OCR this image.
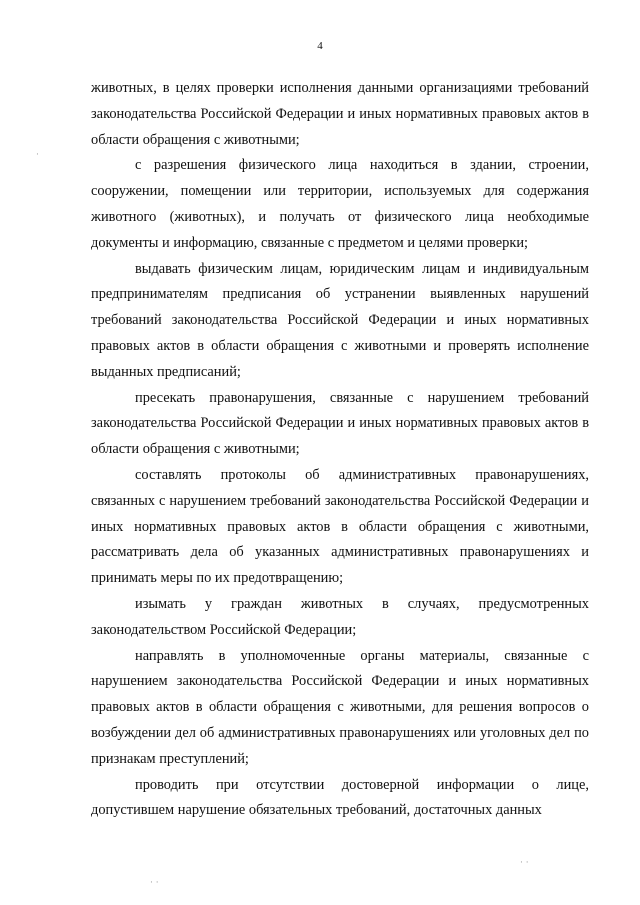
4

животных, в целях проверки исполнения данными организациями требований законодательства Российской Федерации и иных нормативных правовых актов в области обращения с животными;

с разрешения физического лица находиться в здании, строении, сооружении, помещении или территории, используемых для содержания животного (животных), и получать от физического лица необходимые документы и информацию, связанные с предметом и целями проверки;

выдавать физическим лицам, юридическим лицам и индивидуальным предпринимателям предписания об устранении выявленных нарушений требований законодательства Российской Федерации и иных нормативных правовых актов в области обращения с животными и проверять исполнение выданных предписаний;

пресекать правонарушения, связанные с нарушением требований законодательства Российской Федерации и иных нормативных правовых актов в области обращения с животными;

составлять протоколы об административных правонарушениях, связанных с нарушением требований законодательства Российской Федерации и иных нормативных правовых актов в области обращения с животными, рассматривать дела об указанных административных правонарушениях и принимать меры по их предотвращению;

изымать у граждан животных в случаях, предусмотренных законодательством Российской Федерации;

направлять в уполномоченные органы материалы, связанные с нарушением законодательства Российской Федерации и иных нормативных правовых актов в области обращения с животными, для решения вопросов о возбуждении дел об административных правонарушениях или уголовных дел по признакам преступлений;

проводить при отсутствии достоверной информации о лице, допустившем нарушение обязательных требований, достаточных данных

·
· ·
· ·
